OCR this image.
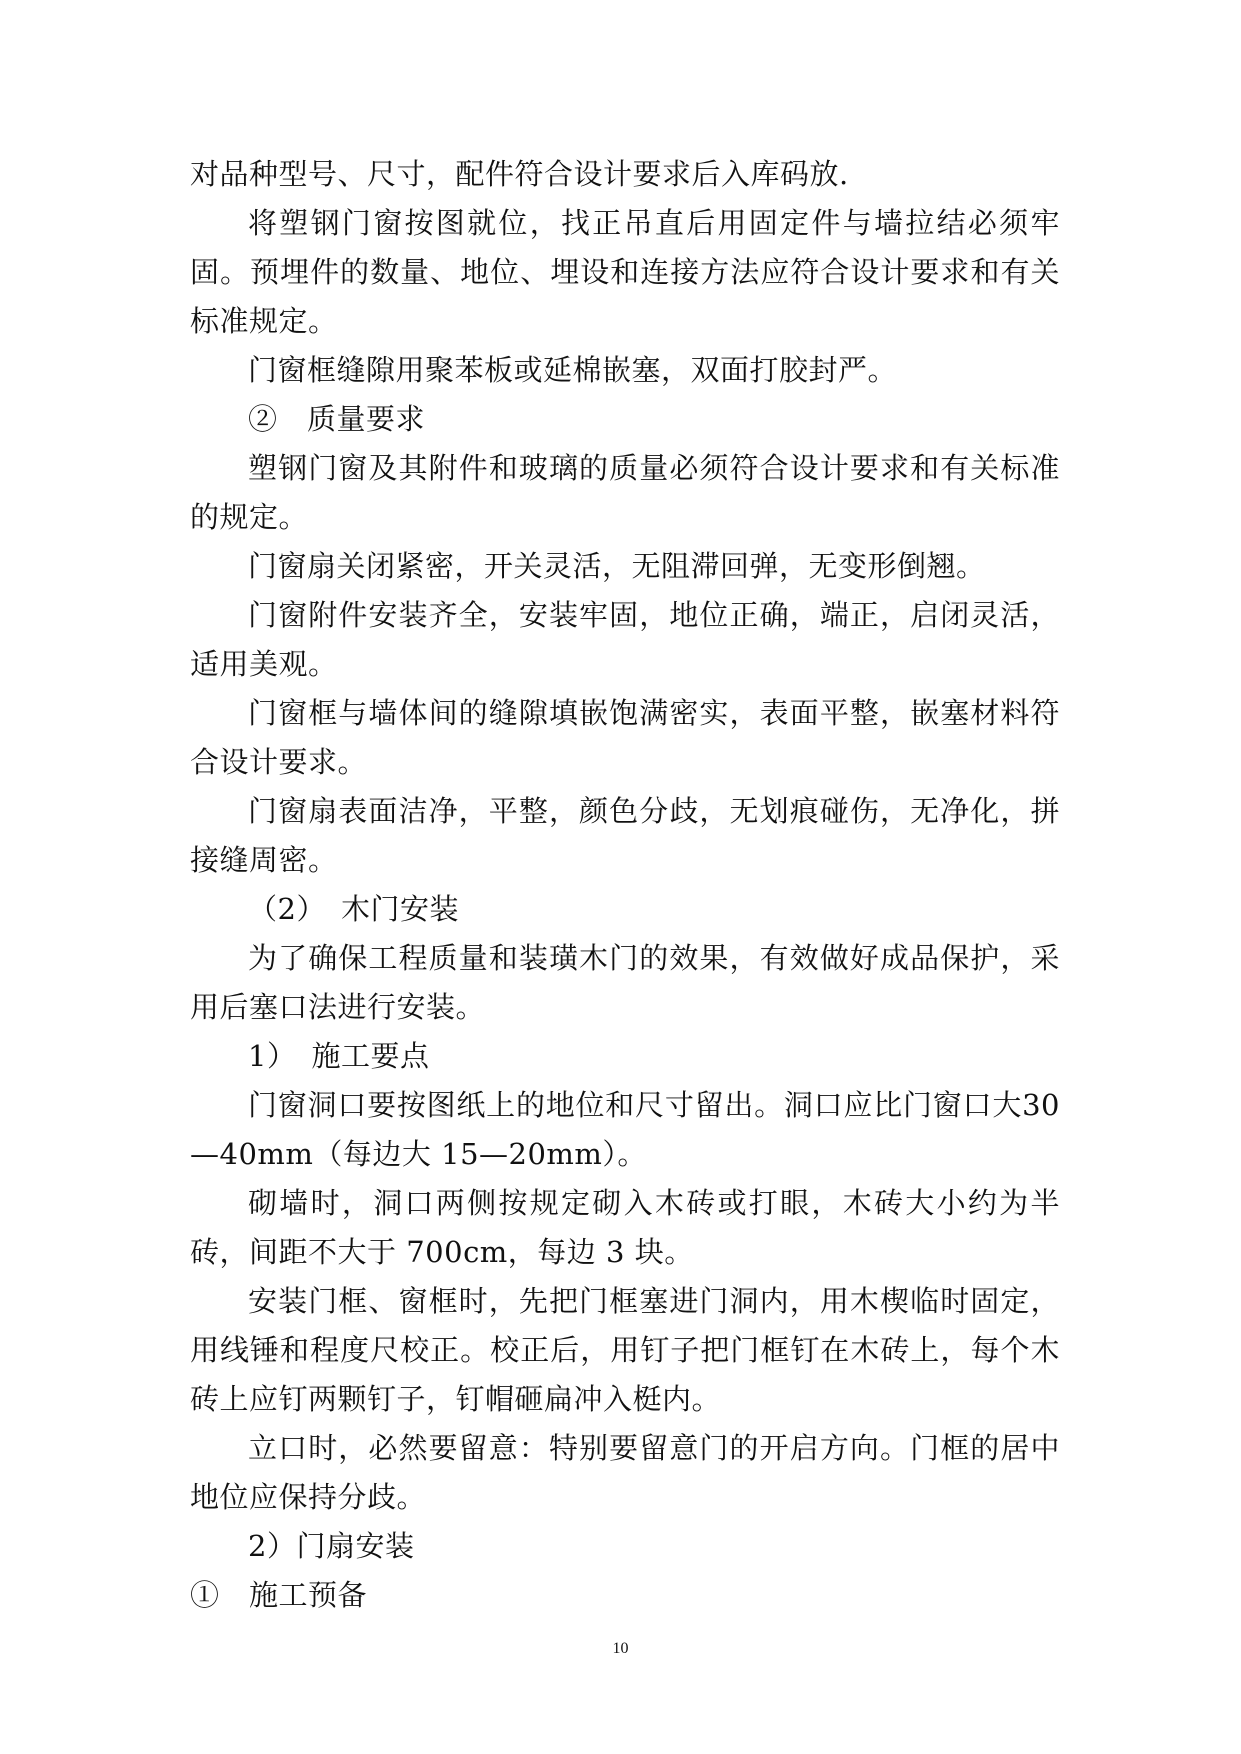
对品种型号、尺寸，配件符合设计要求后入库码放.

将塑钢门窗按图就位，找正吊直后用固定件与墙拉结必须牢固。预埋件的数量、地位、埋设和连接方法应符合设计要求和有关标准规定。

门窗框缝隙用聚苯板或延棉嵌塞，双面打胶封严。

②　质量要求

塑钢门窗及其附件和玻璃的质量必须符合设计要求和有关标准的规定。

门窗扇关闭紧密，开关灵活，无阻滞回弹，无变形倒翘。

门窗附件安装齐全，安装牢固，地位正确，端正，启闭灵活，适用美观。

门窗框与墙体间的缝隙填嵌饱满密实，表面平整，嵌塞材料符合设计要求。

门窗扇表面洁净，平整，颜色分歧，无划痕碰伤，无净化，拼接缝周密。

（2）　木门安装

为了确保工程质量和装璜木门的效果，有效做好成品保护，采用后塞口法进行安装。

1）　施工要点

门窗洞口要按图纸上的地位和尺寸留出。洞口应比门窗口大30—40mm（每边大 15—20mm）。

砌墙时，洞口两侧按规定砌入木砖或打眼，木砖大小约为半砖，间距不大于 700cm，每边 3 块。

安装门框、窗框时，先把门框塞进门洞内，用木楔临时固定，用线锤和程度尺校正。校正后，用钉子把门框钉在木砖上，每个木砖上应钉两颗钉子，钉帽砸扁冲入梃内。

立口时，必然要留意：特别要留意门的开启方向。门框的居中地位应保持分歧。

2）门扇安装

①　施工预备

10
